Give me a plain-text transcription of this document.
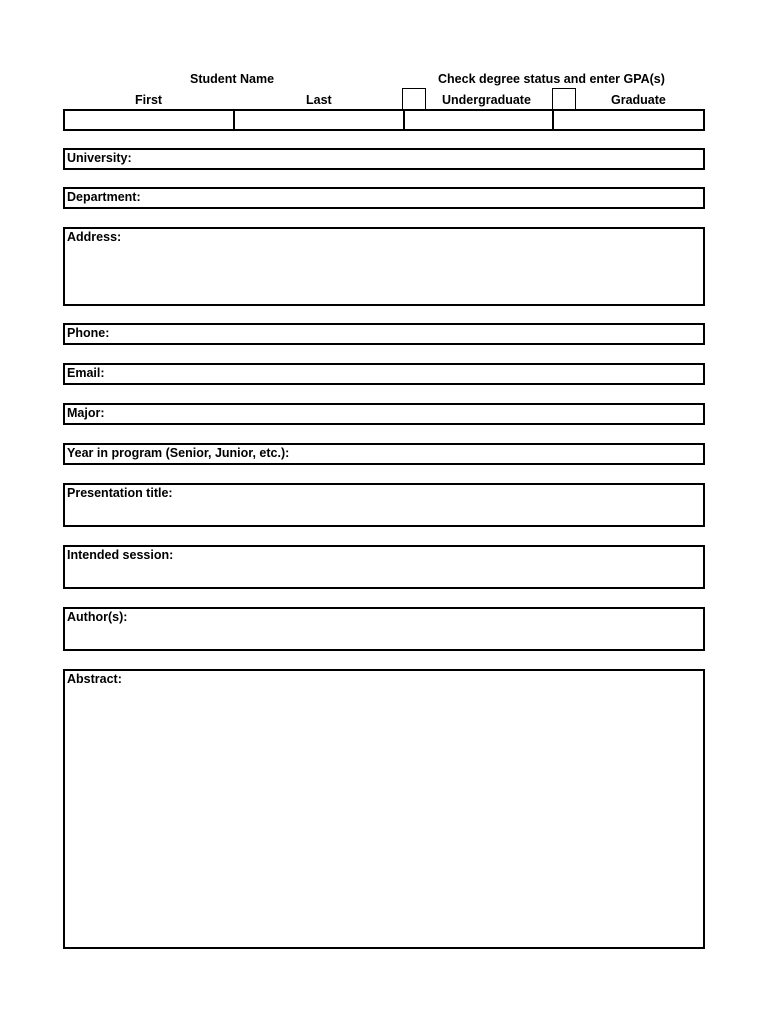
Student Name	Check degree status and enter GPA(s)
First	Last	Undergraduate	Graduate
University:
Department:
Address:
Phone:
Email:
Major:
Year in program (Senior, Junior, etc.):
Presentation title:
Intended session:
Author(s):
Abstract:
